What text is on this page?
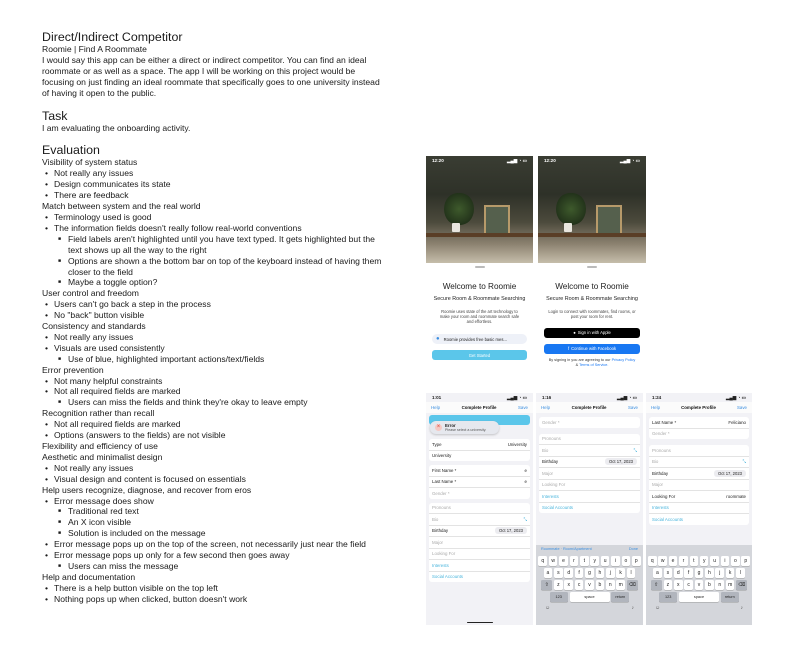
Direct/Indirect Competitor

Roomie | Find A Roommate

I would say this app can be either a direct or indirect competitor. You can find an ideal roommate or as well as a space. The app I will be working on this project would be focusing on just finding an ideal roommate that specifically goes to one university instead of having it open to the public.

Task

I am evaluating the onboarding activity.

Evaluation
Visibility of system status
• Not really any issues
• Design communicates its state
• There are feedback
Match between system and the real world
• Terminology used is good
• The information fields doesn't really follow real-world conventions
■ Field labels aren't highlighted until you have text typed. It gets highlighted but the text shows up all the way to the right
■ Options are shown a the bottom bar on top of the keyboard instead of having them closer to the field
■ Maybe a toggle option?
User control and freedom
• Users can't go back a step in the process
• No "back" button visible
Consistency and standards
• Not really any issues
• Visuals are used consistently
■ Use of blue, highlighted important actions/text/fields
Error prevention
• Not many helpful constraints
• Not all required fields are marked
■ Users can miss the fields and think they're okay to leave empty
Recognition rather than recall
• Not all required fields are marked
• Options (answers to the fields) are not visible
Flexibility and efficiency of use
Aesthetic and minimalist design
• Not really any issues
• Visual design and content is focused on essentials
Help users recognize, diagnose, and recover from eros
• Error message does show
■ Traditional red text
■ An X icon visible
■ Solution is included on the message
• Error message pops up on the top of the screen, not necessarily just near the field
• Error message pops up only for a few second then goes away
■ Users can miss the message
Help and documentation
• There is a help button visible on the top left
• Nothing pops up when clicked, button doesn't work
12:20	▂▄▆ ◔ ▭
Welcome to Roomie
Secure Room & Roommate Searching
Roomie uses state of the art technology to make your room and roommate search safe and effortless.
● Roomie provides free basic mes...
Get Started
12:20	▂▄▆ ◔ ▭
Welcome to Roomie
Secure Room & Roommate Searching
Login to connect with roommates, find rooms, or post your room for rent.
● Sign in with Apple
f Continue with Facebook
By signing in you are agreeing to our Privacy Policy & Terms of Service.
1:01	▂▄▆ ◔ ▭
Help	Complete Profile	Save
×	Error
Please select a university.
Type	University
University
First Name *	e
Last Name *	e
Gender *
Pronouns
Bio	⤡
Birthday	Oct 17, 2023
Major
Looking For
Interests
Social Accounts
1:16	▂▄▆ ◔ ▭
Help	Complete Profile	Save
Gender *
Pronouns
Bio	⤡
Birthday	Oct 17, 2023
Major
Looking For
Interests
Social Accounts
Roommate · Room/Apartment	Done
q	w	e	r	t	y	u	i	o	p
a	s	d	f	g	h	j	k	l
⇧	z	x	c	v	b	n	m	⌫
123	space	return
☺	♪
1:24	▂▄▆ ◔ ▭
Help	Complete Profile	Save
Last Name *	Feliciano
Gender *
Pronouns
Bio	⤡
Birthday	Oct 17, 2023
Major
Looking For	roommate
Interests
Social Accounts
q	w	e	r	t	y	u	i	o	p
a	s	d	f	g	h	j	k	l
⇧	z	x	c	v	b	n	m	⌫
123	space	return
☺	♪
